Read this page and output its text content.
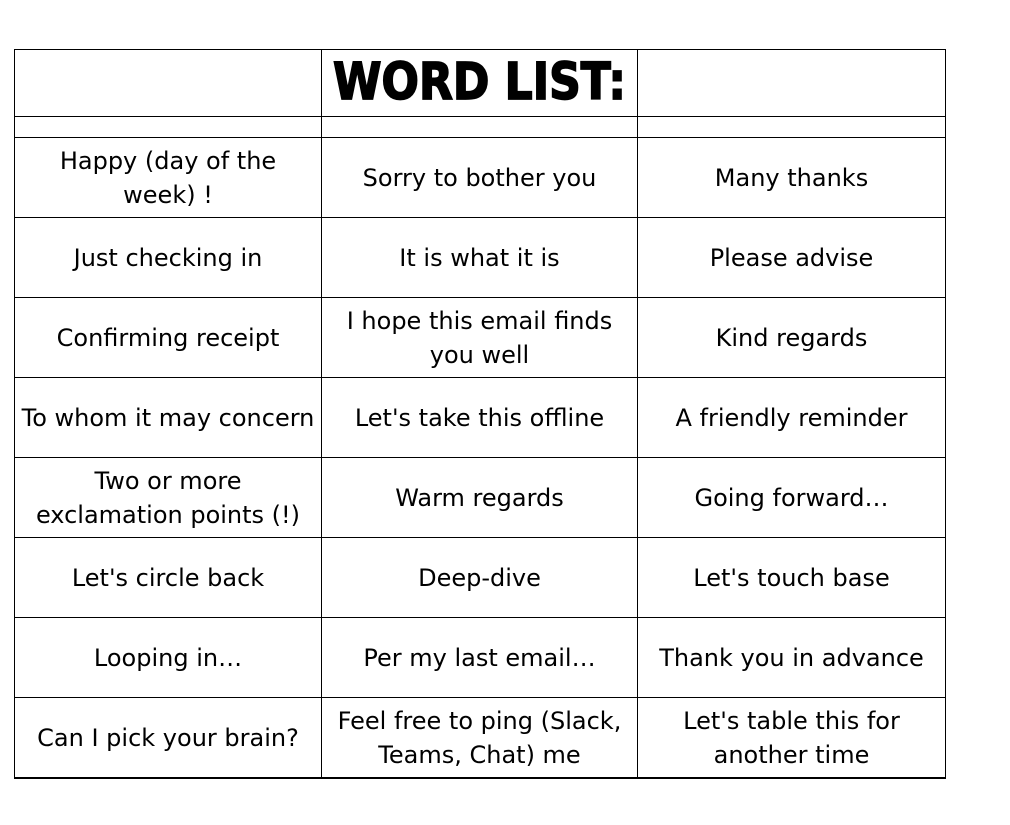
	WORD LIST:	

Happy (day of the week) !	Sorry to bother you	Many thanks
Just checking in	It is what it is	Please advise
Confirming receipt	I hope this email finds you well	Kind regards
To whom it may concern	Let's take this offline	A friendly reminder
Two or more exclamation points (!)	Warm regards	Going forward…
Let's circle back	Deep-dive	Let's touch base
Looping in…	Per my last email…	Thank you in advance
Can I pick your brain?	Feel free to ping (Slack, Teams, Chat) me	Let's table this for another time
